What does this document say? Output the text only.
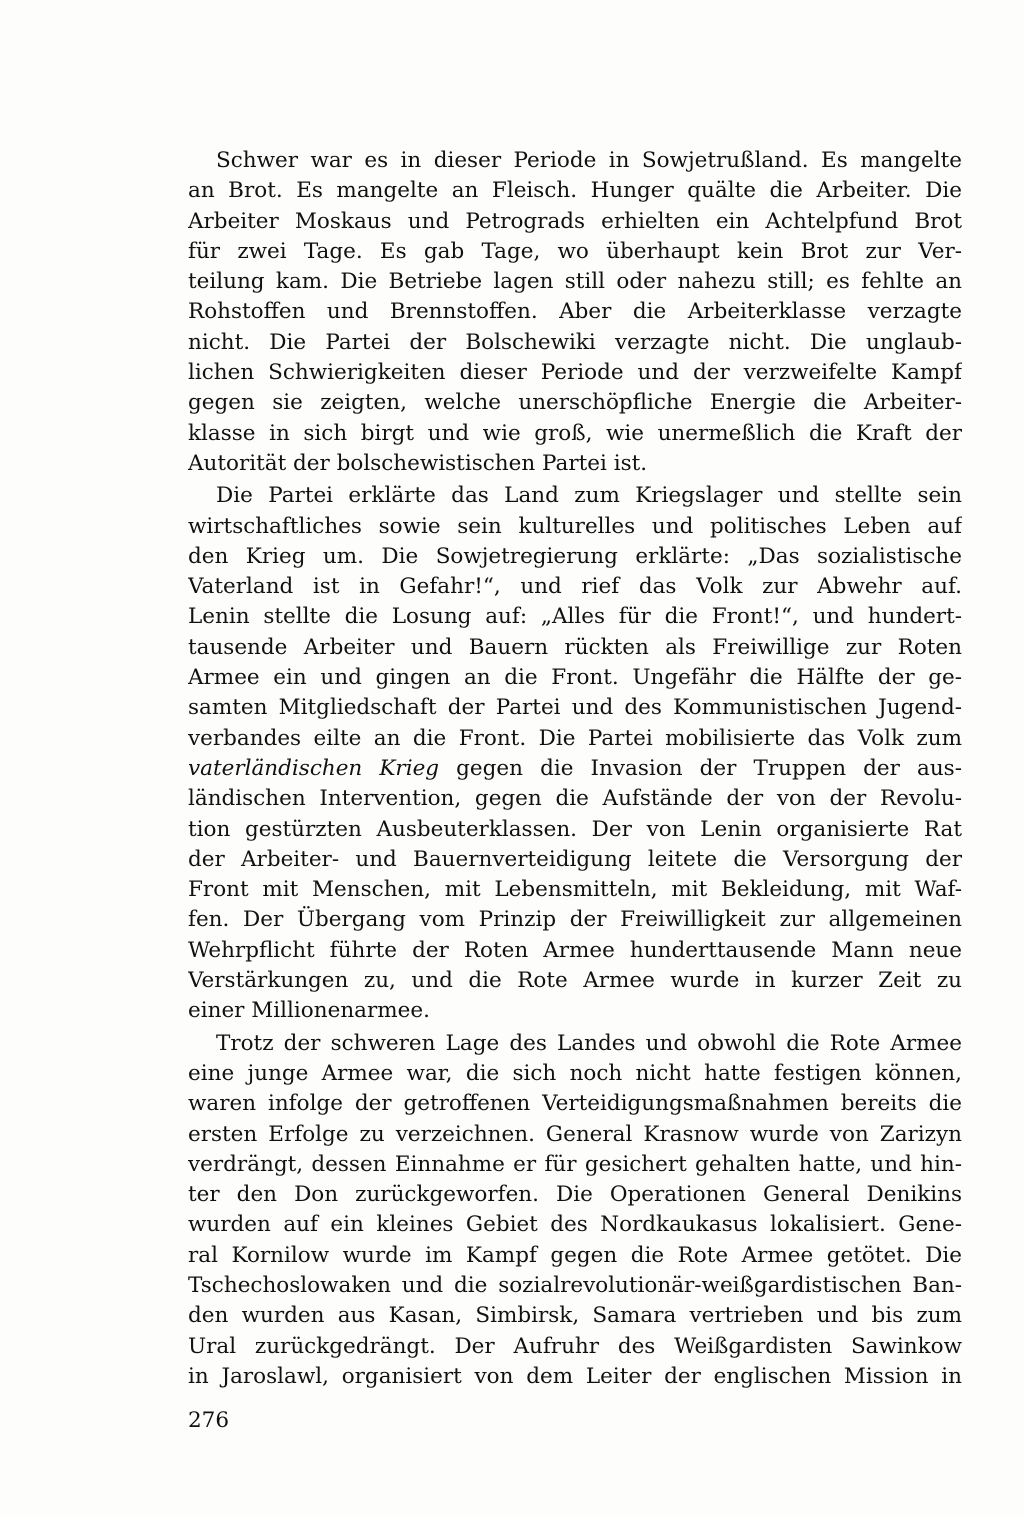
Schwer war es in dieser Periode in Sowjetrußland. Es mangelte
an Brot. Es mangelte an Fleisch. Hunger quälte die Arbeiter. Die
Arbeiter Moskaus und Petrograds erhielten ein Achtelpfund Brot
für zwei Tage. Es gab Tage, wo überhaupt kein Brot zur Ver-
teilung kam. Die Betriebe lagen still oder nahezu still; es fehlte an
Rohstoffen und Brennstoffen. Aber die Arbeiterklasse verzagte
nicht. Die Partei der Bolschewiki verzagte nicht. Die unglaub-
lichen Schwierigkeiten dieser Periode und der verzweifelte Kampf
gegen sie zeigten, welche unerschöpfliche Energie die Arbeiter-
klasse in sich birgt und wie groß, wie unermeßlich die Kraft der
Autorität der bolschewistischen Partei ist.
Die Partei erklärte das Land zum Kriegslager und stellte sein
wirtschaftliches sowie sein kulturelles und politisches Leben auf
den Krieg um. Die Sowjetregierung erklärte: „Das sozialistische
Vaterland ist in Gefahr!“, und rief das Volk zur Abwehr auf.
Lenin stellte die Losung auf: „Alles für die Front!“, und hundert-
tausende Arbeiter und Bauern rückten als Freiwillige zur Roten
Armee ein und gingen an die Front. Ungefähr die Hälfte der ge-
samten Mitgliedschaft der Partei und des Kommunistischen Jugend-
verbandes eilte an die Front. Die Partei mobilisierte das Volk zum
vaterländischen Krieg gegen die Invasion der Truppen der aus-
ländischen Intervention, gegen die Aufstände der von der Revolu-
tion gestürzten Ausbeuterklassen. Der von Lenin organisierte Rat
der Arbeiter- und Bauernverteidigung leitete die Versorgung der
Front mit Menschen, mit Lebensmitteln, mit Bekleidung, mit Waf-
fen. Der Übergang vom Prinzip der Freiwilligkeit zur allgemeinen
Wehrpflicht führte der Roten Armee hunderttausende Mann neue
Verstärkungen zu, und die Rote Armee wurde in kurzer Zeit zu
einer Millionenarmee.
Trotz der schweren Lage des Landes und obwohl die Rote Armee
eine junge Armee war, die sich noch nicht hatte festigen können,
waren infolge der getroffenen Verteidigungsmaßnahmen bereits die
ersten Erfolge zu verzeichnen. General Krasnow wurde von Zarizyn
verdrängt, dessen Einnahme er für gesichert gehalten hatte, und hin-
ter den Don zurückgeworfen. Die Operationen General Denikins
wurden auf ein kleines Gebiet des Nordkaukasus lokalisiert. Gene-
ral Kornilow wurde im Kampf gegen die Rote Armee getötet. Die
Tschechoslowaken und die sozialrevolutionär-weißgardistischen Ban-
den wurden aus Kasan, Simbirsk, Samara vertrieben und bis zum
Ural zurückgedrängt. Der Aufruhr des Weißgardisten Sawinkow
in Jaroslawl, organisiert von dem Leiter der englischen Mission in
276
